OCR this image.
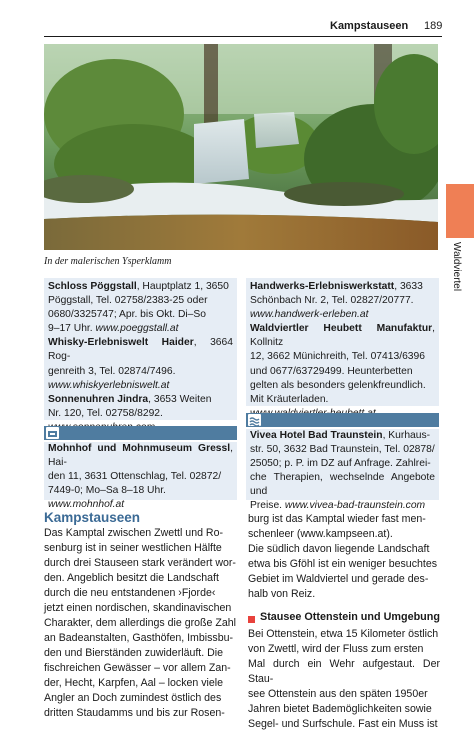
Kampstauseen 189
In der malerischen Ysperklamm	Waldviertel

Schloss Pöggstall, Hauptplatz 1, 3650

Pöggstall, Tel. 02758/2383-25 oder

0680/3325747; Apr. bis Okt. Di–So

9–17 Uhr. www.poeggstall.at

Whisky-Erlebniswelt Haider, 3664 Rog-

genreith 3, Tel. 02874/7496.

www.whiskyerlebniswelt.at

Sonnenuhren Jindra, 3653 Weiten

Nr. 120, Tel. 02758/8292.

Mohnhof und Mohnmuseum Gressl, Hai-

den 11, 3631 Ottenschlag, Tel. 02872/

7449-0; Mo–Sa 8–18 Uhr.

www.mohnhof.at

Handwerks-Erlebniswerkstatt, 3633

Schönbach Nr. 2, Tel. 02827/20777.

www.handwerk-erleben.at

Waldviertler Heubett Manufaktur, Kollnitz

12, 3662 Münichreith, Tel. 07413/6396

und 0677/63729499. Heunterbetten

gelten als besonders gelenkfreundlich.

Mit Kräuterladen.

Vivea Hotel Bad Traunstein, Kurhaus-

str. 50, 3632 Bad Traunstein, Tel. 02878/

25050; p. P. im DZ auf Anfrage. Zahlrei-

che Therapien, wechselnde Angebote und

Preise. www.vivea-bad-traunstein.com

Kampstauseen

Das Kamptal zwischen Zwettl und Ro-

senburg ist in seiner westlichen Hälfte

durch drei Stauseen stark verändert wor-

den. Angeblich besitzt die Landschaft

durch die neu entstandenen ›Fjorde‹

jetzt einen nordischen, skandinavischen

Charakter, dem allerdings die große Zahl

an Badeanstalten, Gasthöfen, Imbissbu-

den und Bierständen zuwiderläuft. Die

fischreichen Gewässer – vor allem Zan-

der, Hecht, Karpfen, Aal – locken viele

Angler an Doch zumindest östlich des

dritten Staudamms und bis zur Rosen-

burg ist das Kamptal wieder fast men-

schenleer (www.kampseen.at).

Die südlich davon liegende Landschaft

etwa bis Gföhl ist ein weniger besuchtes

Gebiet im Waldviertel und gerade des-

halb von Reiz.

Stausee Ottenstein und Umgebung

Bei Ottenstein, etwa 15 Kilometer östlich

von Zwettl, wird der Fluss zum ersten

Mal durch ein Wehr aufgestaut. Der Stau-

see Ottenstein aus den späten 1950er

Jahren bietet Bademöglichkeiten sowie

Segel- und Surfschule. Fast ein Muss ist
